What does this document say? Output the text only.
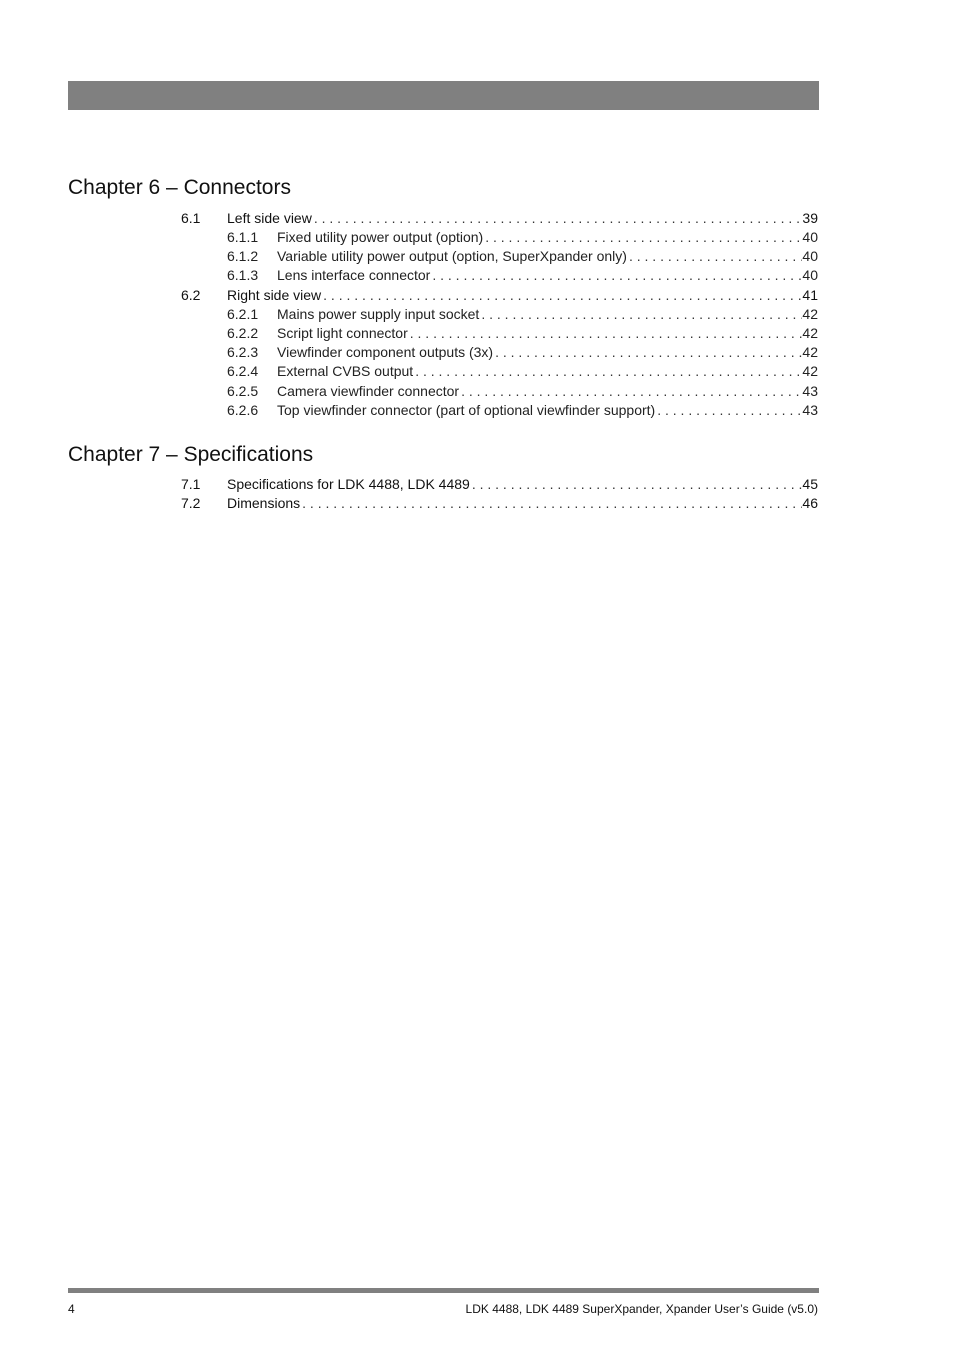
Chapter 6 – Connectors
6.1 Left side view . . .	39
6.1.1 Fixed utility power output (option) . . .	40
6.1.2 Variable utility power output (option, SuperXpander only) . . .	40
6.1.3 Lens interface connector . . .	40
6.2 Right side view . . .	41
6.2.1 Mains power supply input socket . . .	42
6.2.2 Script light connector . . .	42
6.2.3 Viewfinder component outputs (3x) . . .	42
6.2.4 External CVBS output . . .	42
6.2.5 Camera viewfinder connector . . .	43
6.2.6 Top viewfinder connector (part of optional viewfinder support) . . .	43
Chapter 7 – Specifications
7.1 Specifications for LDK 4488, LDK 4489 . . .	45
7.2 Dimensions . . .	46
4	LDK 4488, LDK 4489 SuperXpander, Xpander User’s Guide (v5.0)
